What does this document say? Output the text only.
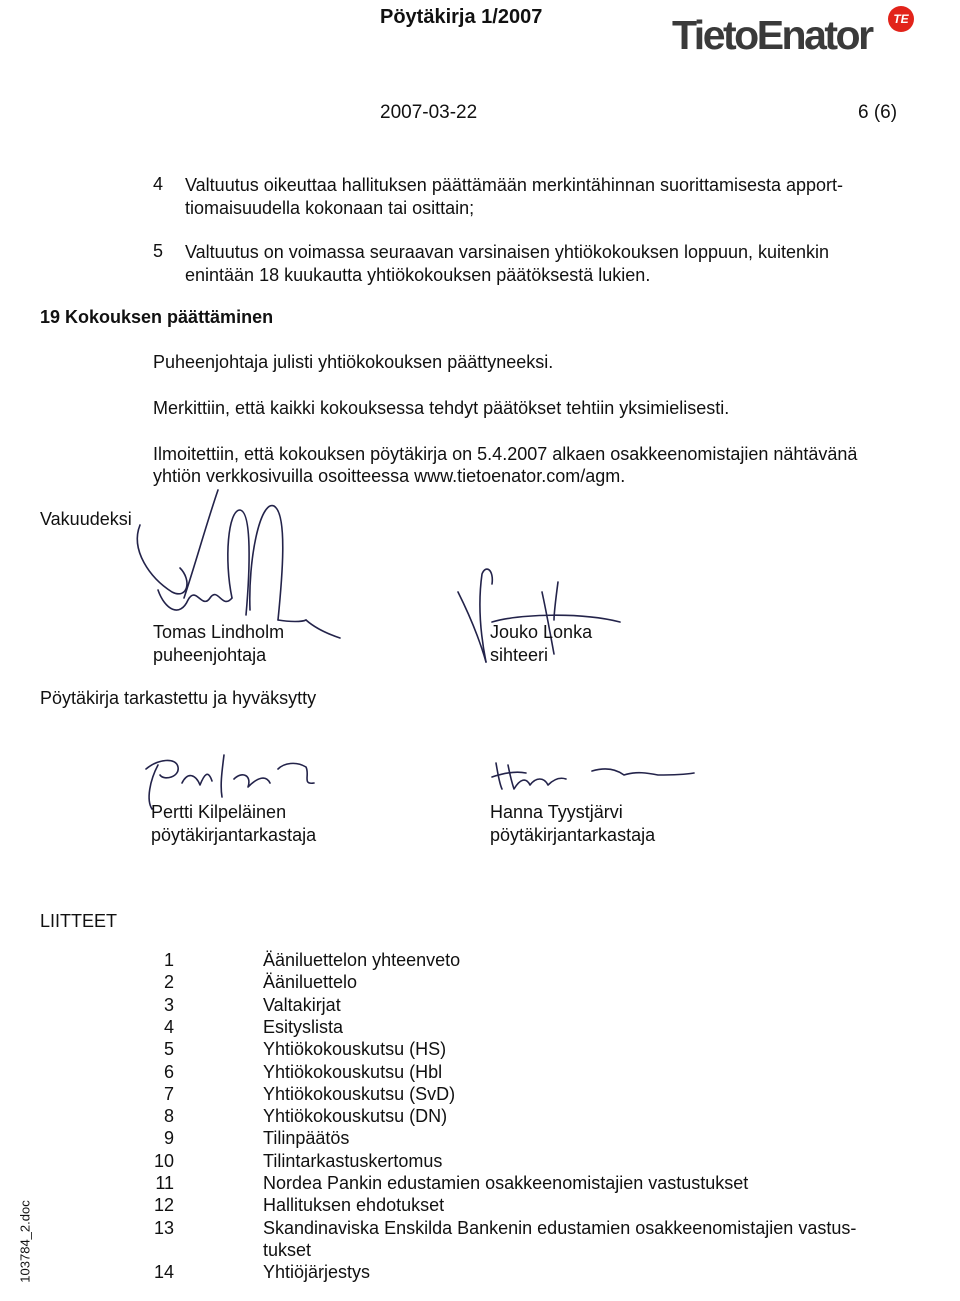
Pöytäkirja 1/2007	TietoEnator	TE
2007-03-22	6 (6)
4 Valtuutus oikeuttaa hallituksen päättämään merkintähinnan suorittamisesta apport-
tiomaisuudella kokonaan tai osittain;
5 Valtuutus on voimassa seuraavan varsinaisen yhtiökokouksen loppuun, kuitenkin
enintään 18 kuukautta yhtiökokouksen päätöksestä lukien.
19 Kokouksen päättäminen
Puheenjohtaja julisti yhtiökokouksen päättyneeksi.
Merkittiin, että kaikki kokouksessa tehdyt päätökset tehtiin yksimielisesti.
Ilmoitettiin, että kokouksen pöytäkirja on 5.4.2007 alkaen osakkeenomistajien nähtävänä
yhtiön verkkosivuilla osoitteessa www.tietoenator.com/agm.
Vakuudeksi
Tomas Lindholm
puheenjohtaja
Jouko Lonka
sihteeri
Pöytäkirja tarkastettu ja hyväksytty
Pertti Kilpeläinen
pöytäkirjantarkastaja
Hanna Tyystjärvi
pöytäkirjantarkastaja
LIITTEET
1	Ääniluettelon yhteenveto
2	Ääniluettelo
3	Valtakirjat
4	Esityslista
5	Yhtiökokouskutsu (HS)
6	Yhtiökokouskutsu (Hbl
7	Yhtiökokouskutsu (SvD)
8	Yhtiökokouskutsu (DN)
9	Tilinpäätös
10	Tilintarkastuskertomus
11	Nordea Pankin edustamien osakkeenomistajien vastustukset
12	Hallituksen ehdotukset
13	Skandinaviska Enskilda Bankenin edustamien osakkeenomistajien vastus-
tukset
14	Yhtiöjärjestys
103784_2.doc
